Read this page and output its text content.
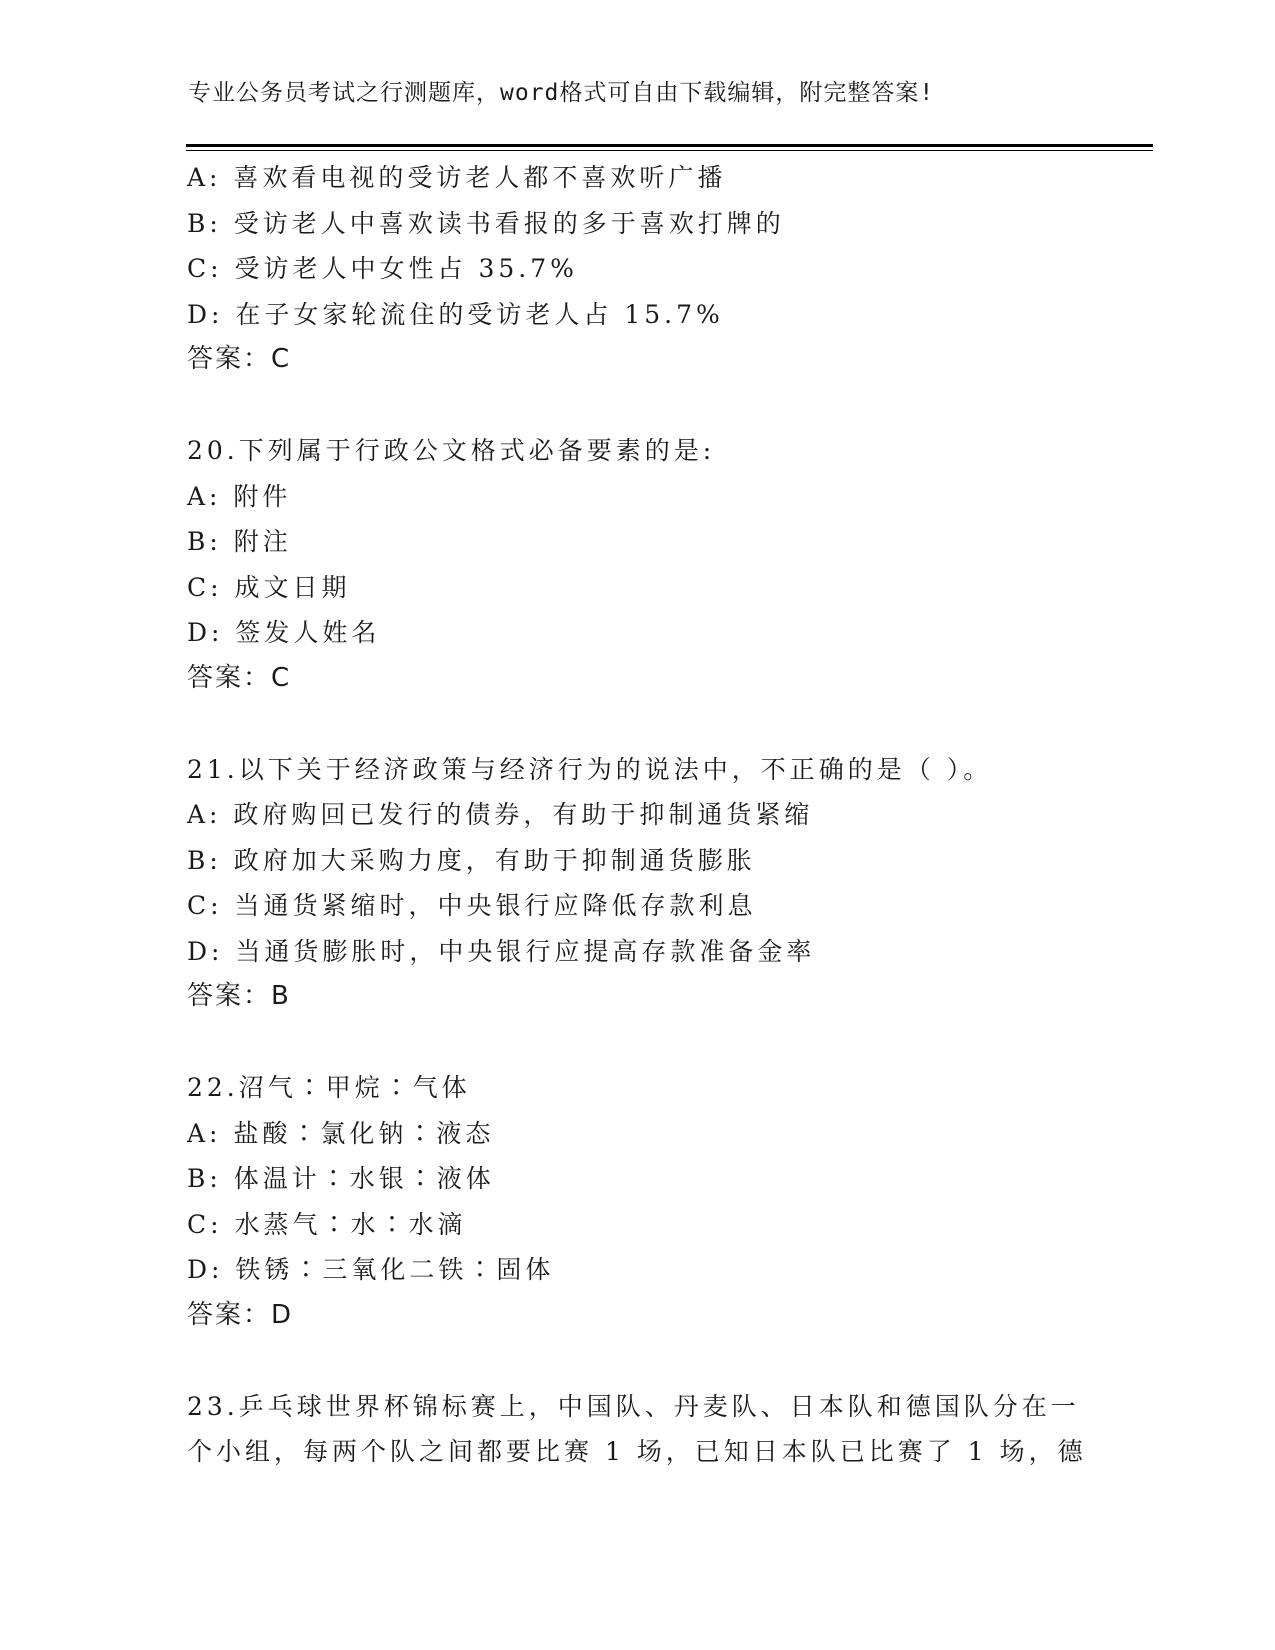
专业公务员考试之行测题库，word格式可自由下载编辑，附完整答案!
A: 喜欢看电视的受访老人都不喜欢听广播
B: 受访老人中喜欢读书看报的多于喜欢打牌的
C: 受访老人中女性占 35.7%
D: 在子女家轮流住的受访老人占 15.7%
答案：C
20.下列属于行政公文格式必备要素的是:
A: 附件
B: 附注
C: 成文日期
D: 签发人姓名
答案：C
21.以下关于经济政策与经济行为的说法中，不正确的是（ ）。
A: 政府购回已发行的债券，有助于抑制通货紧缩
B: 政府加大采购力度，有助于抑制通货膨胀
C: 当通货紧缩时，中央银行应降低存款利息
D: 当通货膨胀时，中央银行应提高存款准备金率
答案：B
22.沼气∶甲烷∶气体
A: 盐酸∶氯化钠∶液态
B: 体温计∶水银∶液体
C: 水蒸气∶水∶水滴
D: 铁锈∶三氧化二铁∶固体
答案：D
23.乒乓球世界杯锦标赛上，中国队、丹麦队、日本队和德国队分在一
个小组，每两个队之间都要比赛 1 场，已知日本队已比赛了 1 场，德
